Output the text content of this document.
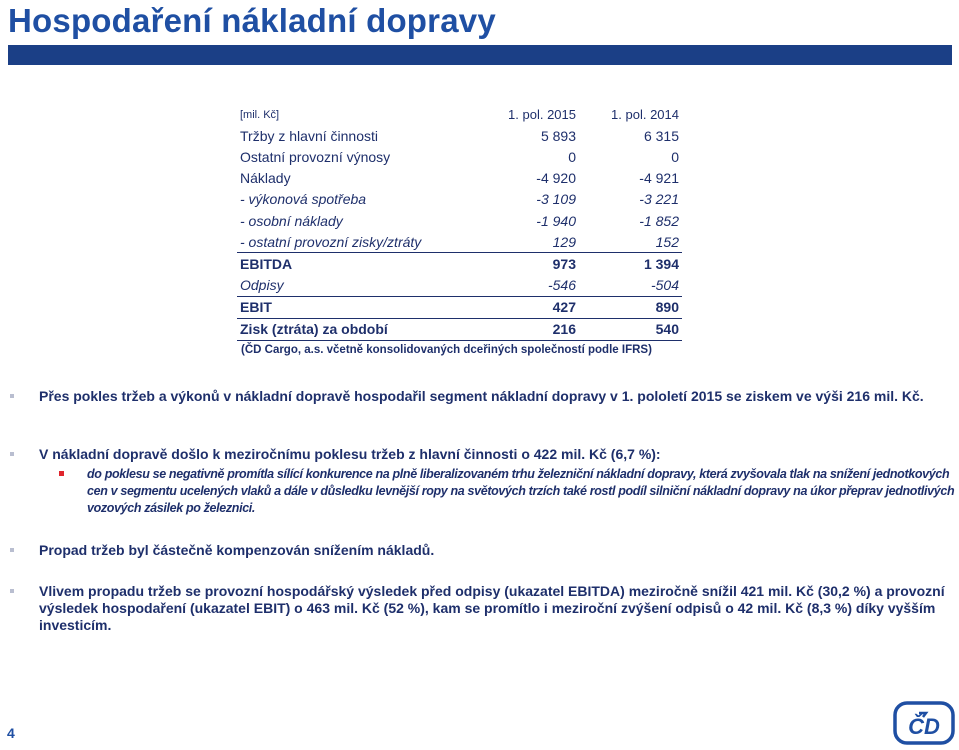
Hospodaření nákladní dopravy
[mil. Kč]	1. pol. 2015	1. pol. 2014
Tržby z hlavní činnosti	5 893	6 315
Ostatní provozní výnosy	0	0
Náklady	-4 920	-4 921
- výkonová spotřeba	-3 109	-3 221
- osobní náklady	-1 940	-1 852
- ostatní provozní zisky/ztráty	129	152
EBITDA	973	1 394
Odpisy	-546	-504
EBIT	427	890
Zisk (ztráta) za období	216	540
(ČD Cargo, a.s. včetně konsolidovaných dceřiných společností podle IFRS)
Přes pokles tržeb a výkonů v nákladní dopravě hospodařil segment nákladní dopravy v 1. pololetí 2015 se ziskem ve výši 216 mil. Kč.
V nákladní dopravě došlo k meziročnímu poklesu tržeb z hlavní činnosti o 422 mil. Kč (6,7 %):
do poklesu se negativně promítla sílící konkurence na plně liberalizovaném trhu železniční nákladní dopravy, která zvyšovala tlak na snížení jednotkových cen v segmentu ucelených vlaků a dále v důsledku levnější ropy na světových trzích také rostl podíl silniční nákladní dopravy na úkor přeprav jednotlivých vozových zásilek po železnici.
Propad tržeb byl částečně kompenzován snížením nákladů.
Vlivem propadu tržeb se provozní hospodářský výsledek před odpisy (ukazatel EBITDA) meziročně snížil 421 mil. Kč (30,2 %) a provozní výsledek hospodaření (ukazatel EBIT) o 463 mil. Kč (52 %), kam se promítlo i meziroční zvýšení odpisů o 42 mil. Kč (8,3 %) díky vyšším investicím.
4	ČD
